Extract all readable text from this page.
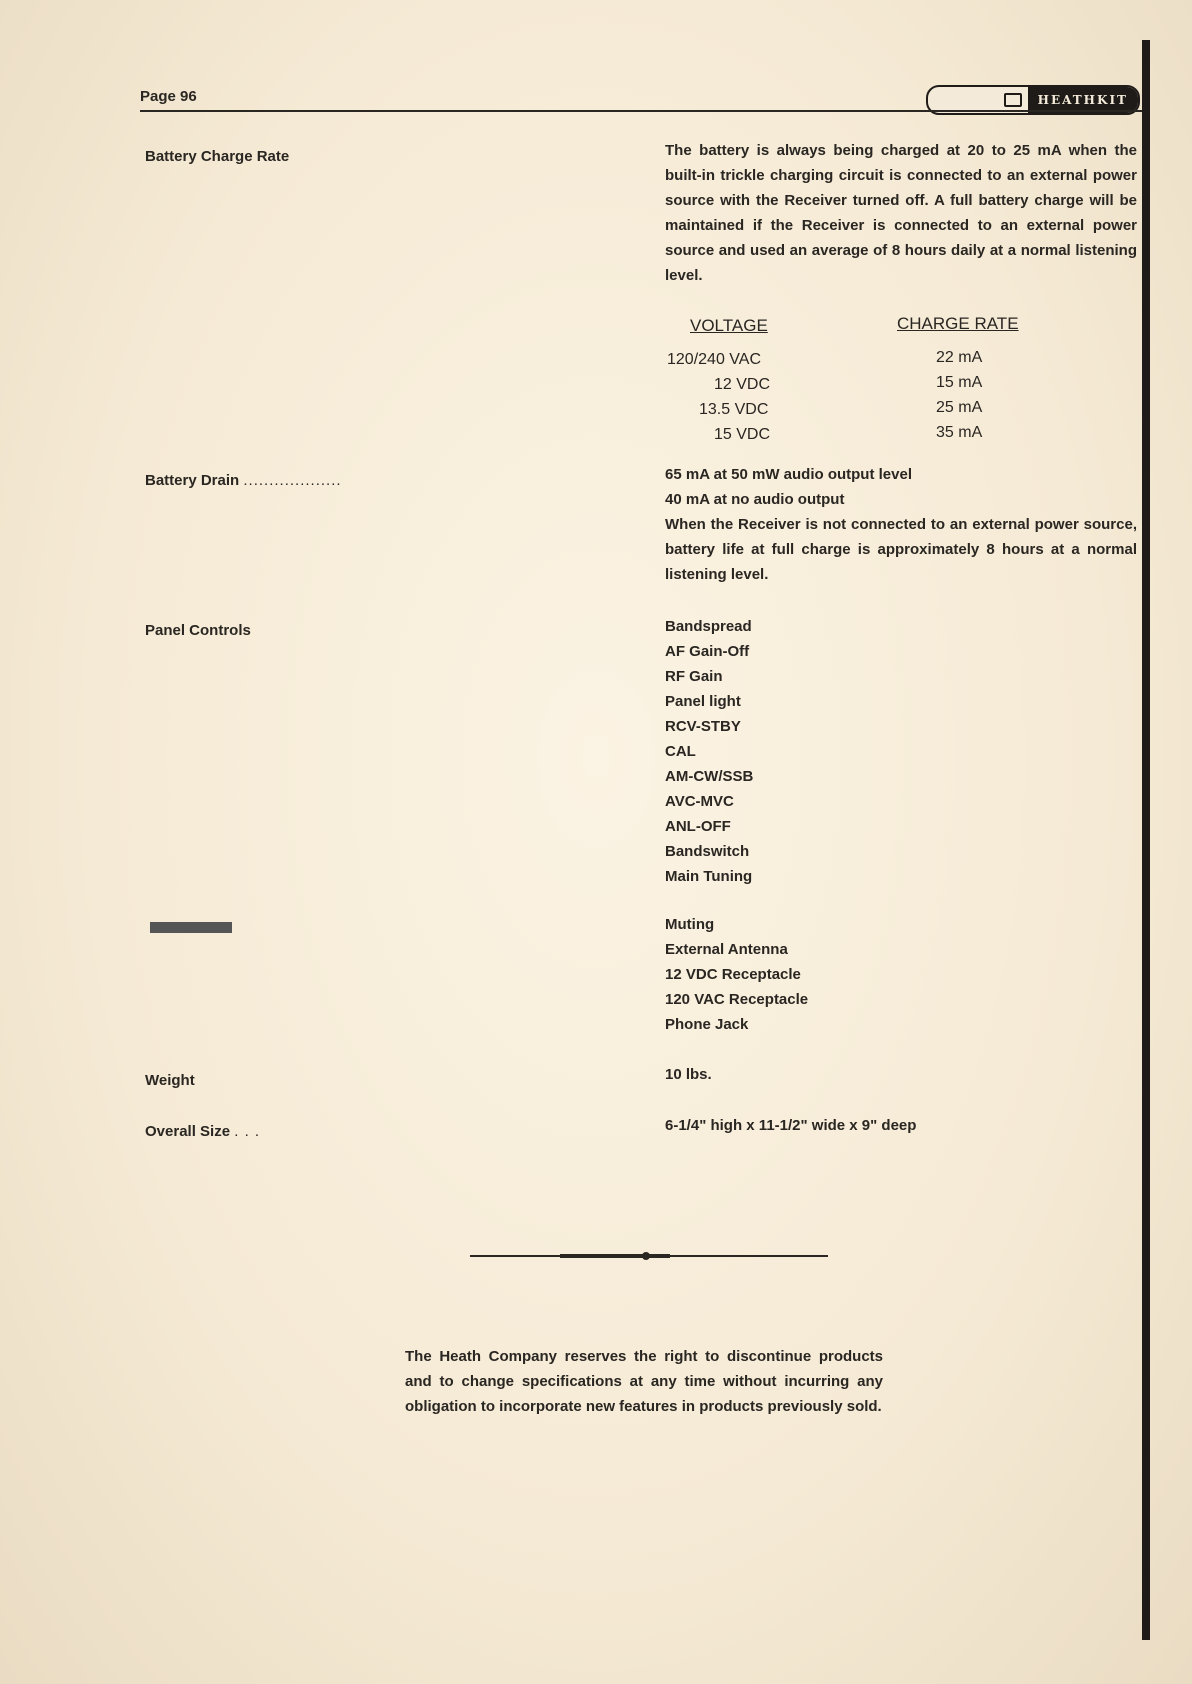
Page 96	HEATHKIT
Battery Charge Rate	The battery is always being charged at 20 to 25 mA when the built-in trickle charging circuit is connected to an external power source with the Receiver turned off. A full battery charge will be maintained if the Receiver is connected to an external power source and used an average of 8 hours daily at a normal listening level.

VOLTAGE	CHARGE RATE
120/240 VAC	22 mA
12 VDC	15 mA
13.5 VDC	25 mA
15 VDC	35 mA
Battery Drain ...................	65 mA at 50 mW audio output level
40 mA at no audio output

When the Receiver is not connected to an external power source, battery life at full charge is approximately 8 hours at a normal listening level.

Panel Controls	Bandspread
AF Gain-Off
RF Gain
Panel light
RCV-STBY
CAL
AM-CW/SSB
AVC-MVC
ANL-OFF
Bandswitch
Main Tuning
Muting
External Antenna
12 VDC Receptacle
120 VAC Receptacle
Phone Jack
Weight	10 lbs.
Overall Size . . .	6-1/4" high x 11-1/2" wide x 9" deep

The Heath Company reserves the right to discontinue products and to change specifications at any time without incurring any obligation to incorporate new features in products previously sold.
